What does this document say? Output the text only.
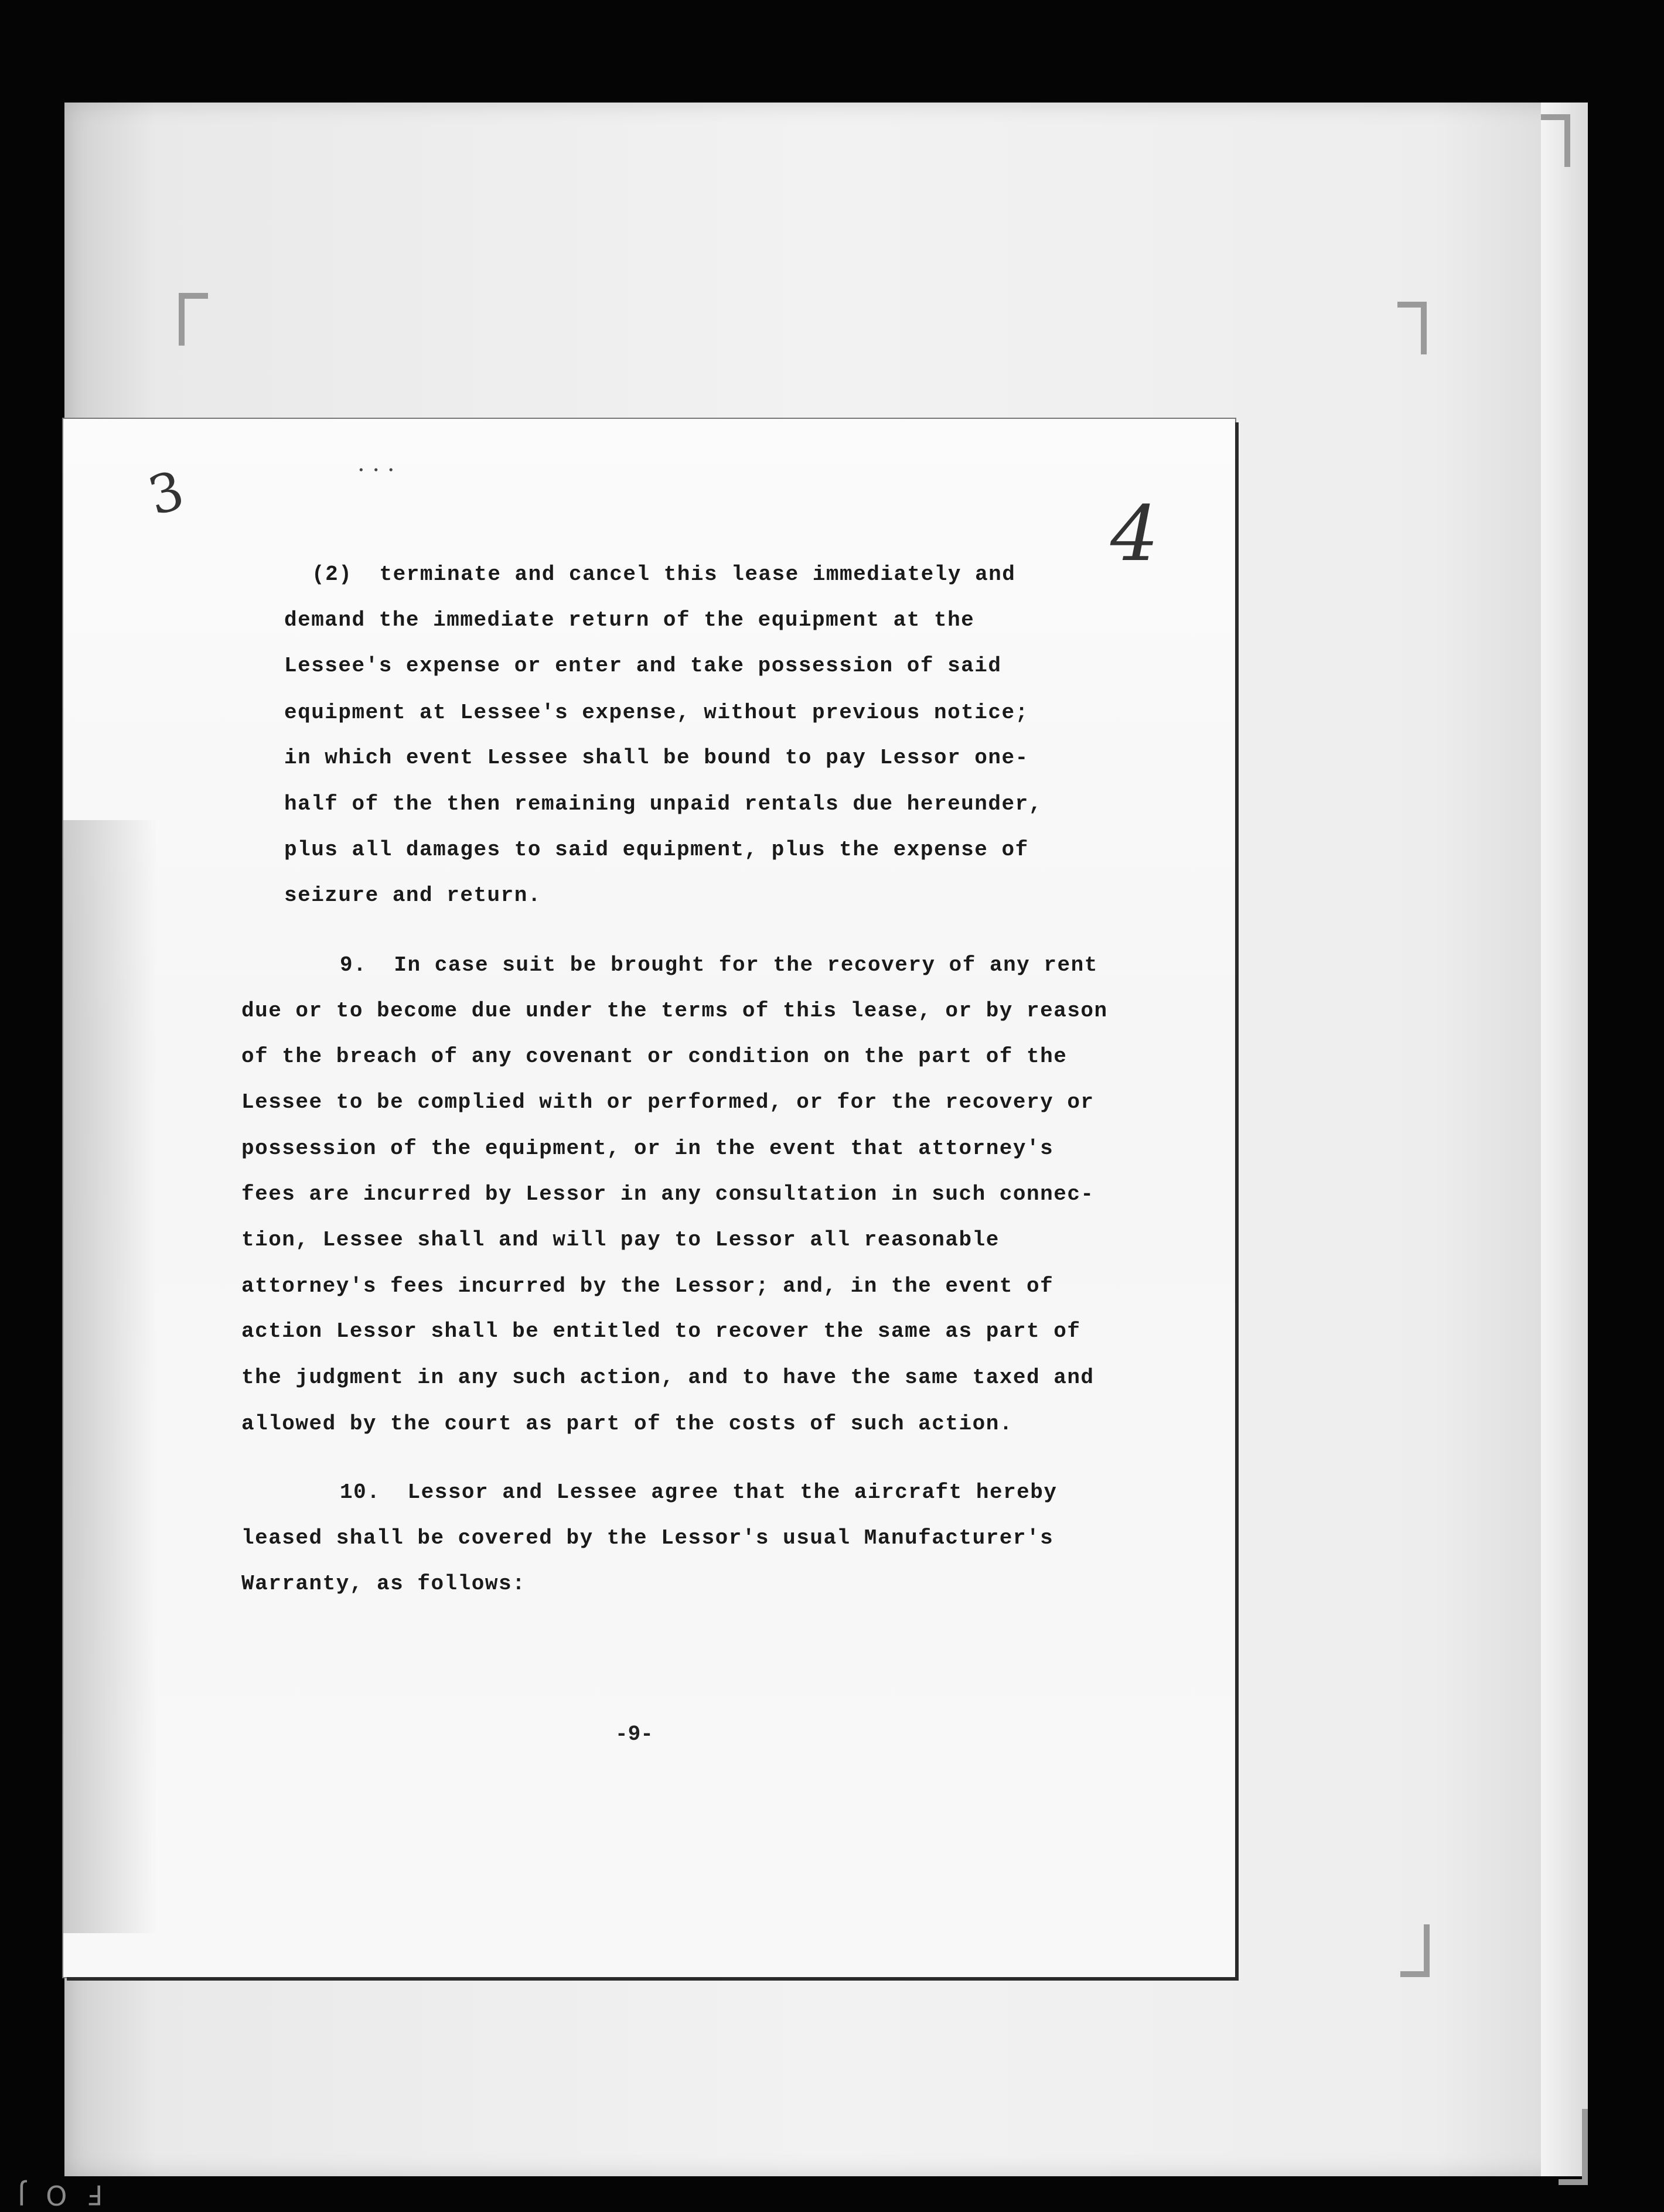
3	4
· · ·
(2)  terminate and cancel this lease immediately and
demand the immediate return of the equipment at the
Lessee's expense or enter and take possession of said
equipment at Lessee's expense, without previous notice;
in which event Lessee shall be bound to pay Lessor one-
half of the then remaining unpaid rentals due hereunder,
plus all damages to said equipment, plus the expense of
seizure and return.
9.  In case suit be brought for the recovery of any rent
due or to become due under the terms of this lease, or by reason
of the breach of any covenant or condition on the part of the
Lessee to be complied with or performed, or for the recovery or
possession of the equipment, or in the event that attorney's
fees are incurred by Lessor in any consultation in such connec-
tion, Lessee shall and will pay to Lessor all reasonable
attorney's fees incurred by the Lessor; and, in the event of
action Lessor shall be entitled to recover the same as part of
the judgment in any such action, and to have the same taxed and
allowed by the court as part of the costs of such action.
10.  Lessor and Lessee agree that the aircraft hereby
leased shall be covered by the Lessor's usual Manufacturer's
Warranty, as follows:
-9-
F O J
